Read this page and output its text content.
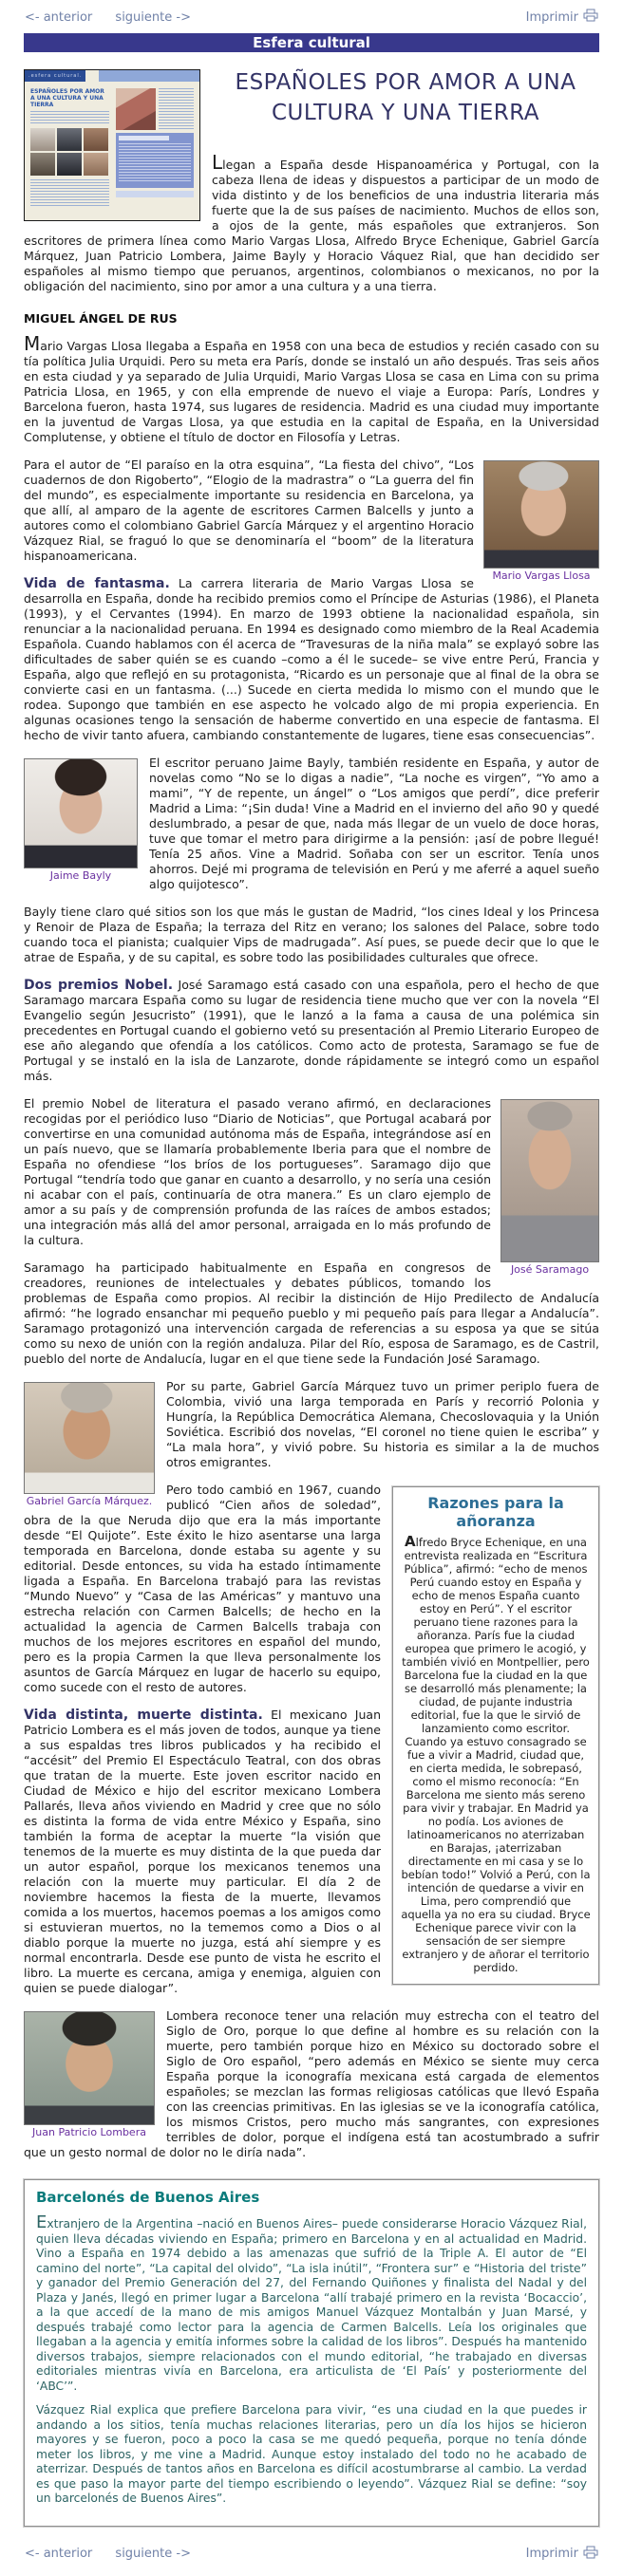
<- anterior siguiente ->	Imprimir
Esfera cultural
.esfera cultural.
ESPAÑOLES POR AMOR A UNA CULTURA Y UNA TIERRA
ESPAÑOLES POR AMOR A UNA CULTURA Y UNA TIERRA

Llegan a España desde Hispanoamérica y Portugal, con la cabeza llena de ideas y dispuestos a participar de un modo de vida distinto y de los beneficios de una industria literaria más fuerte que la de sus países de nacimiento. Muchos de ellos son, a ojos de la gente, más españoles que extranjeros. Son escritores de primera línea como Mario Vargas Llosa, Alfredo Bryce Echenique, Gabriel García Márquez, Juan Patricio Lombera, Jaime Bayly y Horacio Váquez Rial, que han decidido ser españoles al mismo tiempo que peruanos, argentinos, colombianos o mexicanos, no por la obligación del nacimiento, sino por amor a una cultura y a una tierra.

MIGUEL ÁNGEL DE RUS

Mario Vargas Llosa llegaba a España en 1958 con una beca de estudios y recién casado con su tía política Julia Urquidi. Pero su meta era París, donde se instaló un año después. Tras seis años en esta ciudad y ya separado de Julia Urquidi, Mario Vargas Llosa se casa en Lima con su prima Patricia Llosa, en 1965, y con ella emprende de nuevo el viaje a Europa: París, Londres y Barcelona fueron, hasta 1974, sus lugares de residencia. Madrid es una ciudad muy importante en la juventud de Vargas Llosa, ya que estudia en la capital de España, en la Universidad Complutense, y obtiene el título de doctor en Filosofía y Letras.

Mario Vargas Llosa

Para el autor de “El paraíso en la otra esquina”, “La fiesta del chivo”, “Los cuadernos de don Rigoberto”, “Elogio de la madrastra” o “La guerra del fin del mundo”, es especialmente importante su residencia en Barcelona, ya que allí, al amparo de la agente de escritores Carmen Balcells y junto a autores como el colombiano Gabriel García Márquez y el argentino Horacio Vázquez Rial, se fraguó lo que se denominaría el “boom” de la literatura hispanoamericana.

Vida de fantasma. La carrera literaria de Mario Vargas Llosa se desarrolla en España, donde ha recibido premios como el Príncipe de Asturias (1986), el Planeta (1993), y el Cervantes (1994). En marzo de 1993 obtiene la nacionalidad española, sin renunciar a la nacionalidad peruana. En 1994 es designado como miembro de la Real Academia Española. Cuando hablamos con él acerca de “Travesuras de la niña mala” se explayó sobre las dificultades de saber quién se es cuando –como a él le sucede– se vive entre Perú, Francia y España, algo que reflejó en su protagonista, “Ricardo es un personaje que al final de la obra se convierte casi en un fantasma. (...) Sucede en cierta medida lo mismo con el mundo que le rodea. Supongo que también en ese aspecto he volcado algo de mi propia experiencia. En algunas ocasiones tengo la sensación de haberme convertido en una especie de fantasma. El hecho de vivir tanto afuera, cambiando constantemente de lugares, tiene esas consecuencias”.

Jaime Bayly

El escritor peruano Jaime Bayly, también residente en España, y autor de novelas como “No se lo digas a nadie”, “La noche es virgen”, “Yo amo a mami”, “Y de repente, un ángel” o “Los amigos que perdí”, dice preferir Madrid a Lima: “¡Sin duda! Vine a Madrid en el invierno del año 90 y quedé deslumbrado, a pesar de que, nada más llegar de un vuelo de doce horas, tuve que tomar el metro para dirigirme a la pensión: ¡así de pobre llegué! Tenía 25 años. Vine a Madrid. Soñaba con ser un escritor. Tenía unos ahorros. Dejé mi programa de televisión en Perú y me aferré a aquel sueño algo quijotesco”.

Bayly tiene claro qué sitios son los que más le gustan de Madrid, “los cines Ideal y los Princesa y Renoir de Plaza de España; la terraza del Ritz en verano; los salones del Palace, sobre todo cuando toca el pianista; cualquier Vips de madrugada”. Así pues, se puede decir que lo que le atrae de España, y de su capital, es sobre todo las posibilidades culturales que ofrece.

Dos premios Nobel. José Saramago está casado con una española, pero el hecho de que Saramago marcara España como su lugar de residencia tiene mucho que ver con la novela “El Evangelio según Jesucristo” (1991), que le lanzó a la fama a causa de una polémica sin precedentes en Portugal cuando el gobierno vetó su presentación al Premio Literario Europeo de ese año alegando que ofendía a los católicos. Como acto de protesta, Saramago se fue de Portugal y se instaló en la isla de Lanzarote, donde rápidamente se integró como un español más.

José Saramago

El premio Nobel de literatura el pasado verano afirmó, en declaraciones recogidas por el periódico luso “Diario de Noticias”, que Portugal acabará por convertirse en una comunidad autónoma más de España, integrándose así en un país nuevo, que se llamaría probablemente Iberia para que el nombre de España no ofendiese “los bríos de los portugueses”. Saramago dijo que Portugal “tendría todo que ganar en cuanto a desarrollo, y no sería una cesión ni acabar con el país, continuaría de otra manera.” Es un claro ejemplo de amor a su país y de comprensión profunda de las raíces de ambos estados; una integración más allá del amor personal, arraigada en lo más profundo de la cultura.

Saramago ha participado habitualmente en España en congresos de creadores, reuniones de intelectuales y debates públicos, tomando los problemas de España como propios. Al recibir la distinción de Hijo Predilecto de Andalucía afirmó: “he logrado ensanchar mi pequeño pueblo y mi pequeño país para llegar a Andalucía”. Saramago protagonizó una intervención cargada de referencias a su esposa ya que se sitúa como su nexo de unión con la región andaluza. Pilar del Río, esposa de Saramago, es de Castril, pueblo del norte de Andalucía, lugar en el que tiene sede la Fundación José Saramago.

Gabriel García Márquez.

Por su parte, Gabriel García Márquez tuvo un primer periplo fuera de Colombia, vivió una larga temporada en París y recorrió Polonia y Hungría, la República Democrática Alemana, Checoslovaquia y la Unión Soviética. Escribió dos novelas, “El coronel no tiene quien le escriba” y “La mala hora”, y vivió pobre. Su historia es similar a la de muchos otros emigrantes.

Razones para la añoranza

Alfredo Bryce Echenique, en una entrevista realizada en “Escritura Pública”, afirmó: “echo de menos Perú cuando estoy en España y echo de menos España cuanto estoy en Perú”. Y el escritor peruano tiene razones para la añoranza. París fue la ciudad europea que primero le acogió, y también vivió en Montpellier, pero Barcelona fue la ciudad en la que se desarrolló más plenamente; la ciudad, de pujante industria editorial, fue la que le sirvió de lanzamiento como escritor. Cuando ya estuvo consagrado se fue a vivir a Madrid, ciudad que, en cierta medida, le sobrepasó, como el mismo reconocía: “En Barcelona me siento más sereno para vivir y trabajar. En Madrid ya no podía. Los aviones de latinoamericanos no aterrizaban en Barajas, ¡aterrizaban directamente en mi casa y se lo bebían todo!” Volvió a Perú, con la intención de quedarse a vivir en Lima, pero comprendió que aquella ya no era su ciudad. Bryce Echenique parece vivir con la sensación de ser siempre extranjero y de añorar el territorio perdido.

Pero todo cambió en 1967, cuando publicó “Cien años de soledad”, obra de la que Neruda dijo que era la más importante desde “El Quijote”. Este éxito le hizo asentarse una larga temporada en Barcelona, donde estaba su agente y su editorial. Desde entonces, su vida ha estado íntimamente ligada a España. En Barcelona trabajó para las revistas “Mundo Nuevo” y “Casa de las Américas” y mantuvo una estrecha relación con Carmen Balcells; de hecho en la actualidad la agencia de Carmen Balcells trabaja con muchos de los mejores escritores en español del mundo, pero es la propia Carmen la que lleva personalmente los asuntos de García Márquez en lugar de hacerlo su equipo, como sucede con el resto de autores.

Vida distinta, muerte distinta. El mexicano Juan Patricio Lombera es el más joven de todos, aunque ya tiene a sus espaldas tres libros publicados y ha recibido el “accésit” del Premio El Espectáculo Teatral, con dos obras que tratan de la muerte. Este joven escritor nacido en Ciudad de México e hijo del escritor mexicano Lombera Pallarés, lleva años viviendo en Madrid y cree que no sólo es distinta la forma de vida entre México y España, sino también la forma de aceptar la muerte “la visión que tenemos de la muerte es muy distinta de la que pueda dar un autor español, porque los mexicanos tenemos una relación con la muerte muy particular. El día 2 de noviembre hacemos la fiesta de la muerte, llevamos comida a los muertos, hacemos poemas a los amigos como si estuvieran muertos, no la tememos como a Dios o al diablo porque la muerte no juzga, está ahí siempre y es normal encontrarla. Desde ese punto de vista he escrito el libro. La muerte es cercana, amiga y enemiga, alguien con quien se puede dialogar”.

Juan Patricio Lombera

Lombera reconoce tener una relación muy estrecha con el teatro del Siglo de Oro, porque lo que define al hombre es su relación con la muerte, pero también porque hizo en México su doctorado sobre el Siglo de Oro español, “pero además en México se siente muy cerca España porque la iconografía mexicana está cargada de elementos españoles; se mezclan las formas religiosas católicas que llevó España con las creencias primitivas. En las iglesias se ve la iconografía católica, los mismos Cristos, pero mucho más sangrantes, con expresiones terribles de dolor, porque el indígena está tan acostumbrado a sufrir que un gesto normal de dolor no le diría nada”.

Barcelonés de Buenos Aires

Extranjero de la Argentina –nació en Buenos Aires– puede considerarse Horacio Vázquez Rial, quien lleva décadas viviendo en España; primero en Barcelona y en al actualidad en Madrid. Vino a España en 1974 debido a las amenazas que sufrió de la Triple A. El autor de “El camino del norte”, “La capital del olvido”, “La isla inútil”, “Frontera sur” e “Historia del triste” y ganador del Premio Generación del 27, del Fernando Quiñones y finalista del Nadal y del Plaza y Janés, llegó en primer lugar a Barcelona “allí trabajé primero en la revista ‘Bocaccio’, a la que accedí de la mano de mis amigos Manuel Vázquez Montalbán y Juan Marsé, y después trabajé como lector para la agencia de Carmen Balcells. Leía los originales que llegaban a la agencia y emitía informes sobre la calidad de los libros”. Después ha mantenido diversos trabajos, siempre relacionados con el mundo editorial, “he trabajado en diversas editoriales mientras vivía en Barcelona, era articulista de ‘El País’ y posteriormente del ‘ABC’”.

Vázquez Rial explica que prefiere Barcelona para vivir, “es una ciudad en la que puedes ir andando a los sitios, tenía muchas relaciones literarias, pero un día los hijos se hicieron mayores y se fueron, poco a poco la casa se me quedó pequeña, porque no tenía dónde meter los libros, y me vine a Madrid. Aunque estoy instalado del todo no he acabado de aterrizar. Después de tantos años en Barcelona es difícil acostumbrarse al cambio. La verdad es que paso la mayor parte del tiempo escribiendo o leyendo”. Vázquez Rial se define: “soy un barcelonés de Buenos Aires”.

<- anterior siguiente ->	Imprimir
